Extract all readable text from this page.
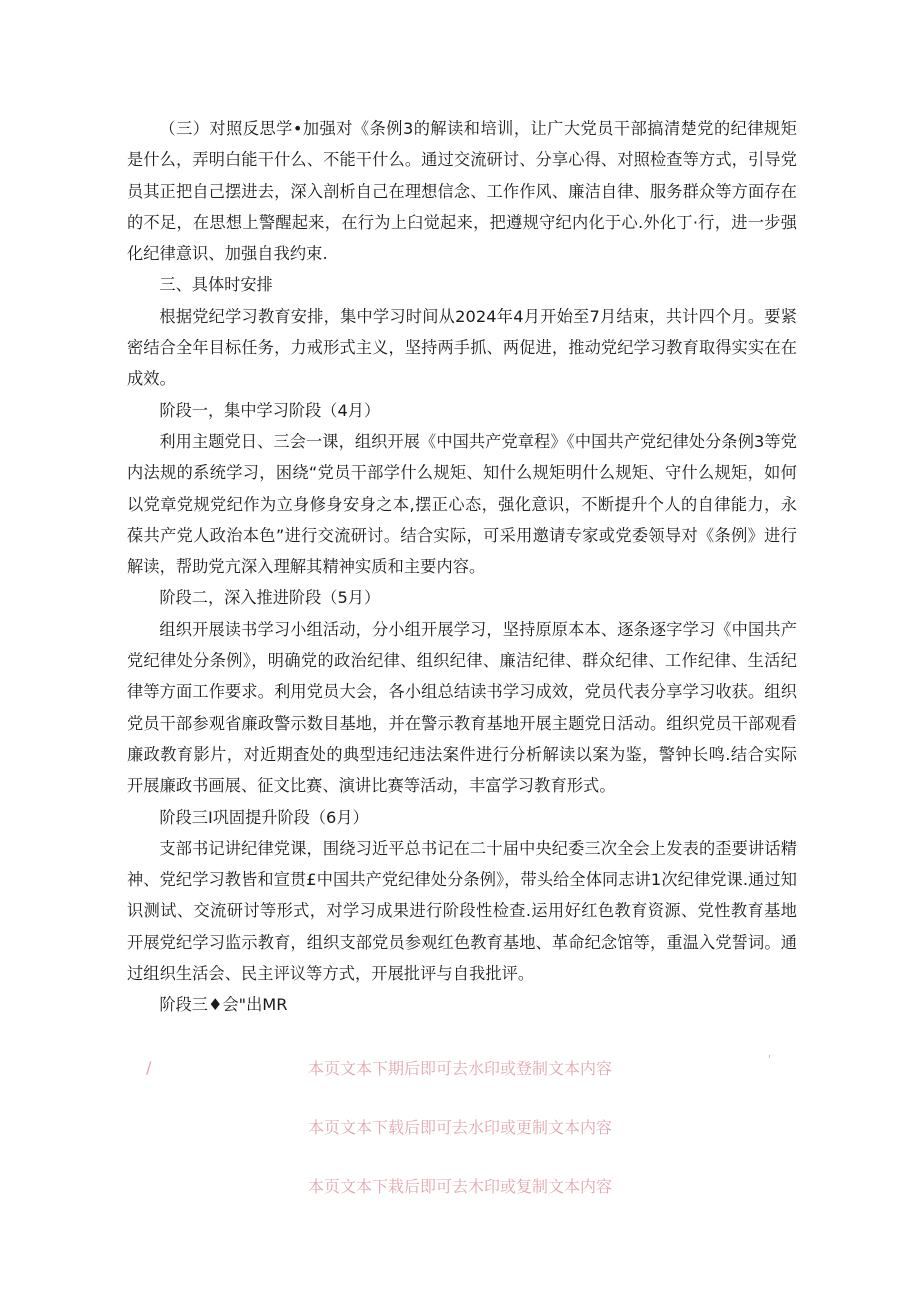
（三）对照反思学•加强对《条例3的解读和培训，让广大党员干部搞清楚党的纪律规矩是什么，弄明白能干什么、不能干什么。通过交流研讨、分享心得、对照检查等方式，引导党员其正把自己摆进去，深入剖析自己在理想信念、工作作风、廉洁自律、服务群众等方面存在的不足，在思想上警醒起来，在行为上臼觉起来，把遵规守纪内化于心.外化丁·行，进一步强化纪律意识、加强自我约束.

三、具体时安排

根据党纪学习教育安排，集中学习时间从2024年4月开始至7月结束，共计四个月。要紧密结合全年目标任务，力戒形式主义，坚持两手抓、两促进，推动党纪学习教育取得实实在在成效。

阶段一，集中学习阶段（4月）

利用主题党日、三会一课，组织开展《中国共产党章程》《中国共产党纪律处分条例3等党内法规的系统学习，困绕“党员干部学什么规矩、知什么规矩明什么规矩、守什么规矩，如何以党章党规党纪作为立身修身安身之本,摆正心态，强化意识，不断提升个人的自律能力，永葆共产党人政治本色”进行交流研讨。结合实际，可采用邀请专家或党委领导对《条例》进行解读，帮助党亢深入理解其精神实质和主要内容。

阶段二，深入推进阶段（5月）

组织开展读书学习小组活动，分小组开展学习，坚持原原本本、逐条逐字学习《中国共产党纪律处分条例》，明确党的政治纪律、组织纪律、廉洁纪律、群众纪律、工作纪律、生活纪律等方面工作要求。利用党员大会，各小组总结读书学习成效，党员代表分享学习收获。组织党员干部参观省廉政警示数目基地，并在警示教育基地开展主题党日活动。组织党员干部观看廉政教育影片，对近期査处的典型违纪违法案件进行分析解读以案为鉴，警钟长鸣.结合实际开展廉政书画展、征文比赛、演讲比赛等活动，丰富学习教育形式。

阶段三I巩固提升阶段（6月）

支部书记讲纪律党课，围绕习近平总书记在二十届中央纪委三次全会上发表的歪要讲话精神、党纪学习教皆和宣贯£中国共产党纪律处分条例》，带头给全体同志讲1次纪律党课.通过知识测试、交流研讨等形式，对学习成果进行阶段性检查.运用好红色教育资源、党性教育基地开展党纪学习监示教育，组织支部党员参观红色教育基地、革命纪念馆等，重温入党誓词。通过组织生活会、民主评议等方式，开展批评与自我批评。

阶段三♦会"出MR

/	'
本页文本下期后即可去水印或登制文本内容
本页文本下载后即可去水印或更制文本内容
本页文本下栽后即可去木印或复制文本内容
